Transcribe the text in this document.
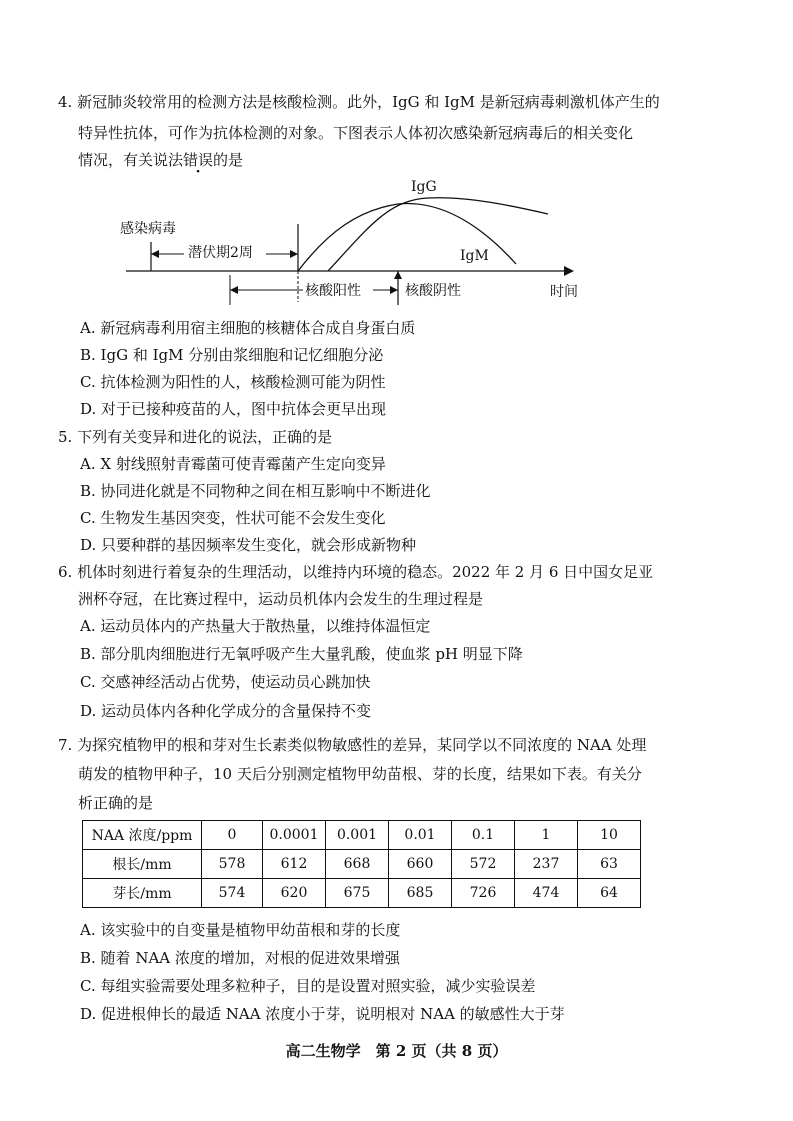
4. 新冠肺炎较常用的检测方法是核酸检测。此外，IgG 和 IgM 是新冠病毒刺激机体产生的
特异性抗体，可作为抗体检测的对象。下图表示人体初次感染新冠病毒后的相关变化
情况，有关说法错误的是
时间
感染病毒
潜伏期2周
核酸阳性	核酸阴性
IgG
IgM
A. 新冠病毒利用宿主细胞的核糖体合成自身蛋白质
B. IgG 和 IgM 分别由浆细胞和记忆细胞分泌
C. 抗体检测为阳性的人，核酸检测可能为阴性
D. 对于已接种疫苗的人，图中抗体会更早出现
5. 下列有关变异和进化的说法，正确的是
A. X 射线照射青霉菌可使青霉菌产生定向变异
B. 协同进化就是不同物种之间在相互影响中不断进化
C. 生物发生基因突变，性状可能不会发生变化
D. 只要种群的基因频率发生变化，就会形成新物种
6. 机体时刻进行着复杂的生理活动，以维持内环境的稳态。2022 年 2 月 6 日中国女足亚
洲杯夺冠，在比赛过程中，运动员机体内会发生的生理过程是
A. 运动员体内的产热量大于散热量，以维持体温恒定
B. 部分肌肉细胞进行无氧呼吸产生大量乳酸，使血浆 pH 明显下降
C. 交感神经活动占优势，使运动员心跳加快
D. 运动员体内各种化学成分的含量保持不变
7. 为探究植物甲的根和芽对生长素类似物敏感性的差异，某同学以不同浓度的 NAA 处理
萌发的植物甲种子，10 天后分别测定植物甲幼苗根、芽的长度，结果如下表。有关分
析正确的是
NAA 浓度/ppm	0	0.0001	0.001	0.01	0.1	1	10
根长/mm	578	612	668	660	572	237	63
芽长/mm	574	620	675	685	726	474	64
A. 该实验中的自变量是植物甲幼苗根和芽的长度
B. 随着 NAA 浓度的增加，对根的促进效果增强
C. 每组实验需要处理多粒种子，目的是设置对照实验，减少实验误差
D. 促进根伸长的最适 NAA 浓度小于芽，说明根对 NAA 的敏感性大于芽
高二生物学　第 2 页（共 8 页）
